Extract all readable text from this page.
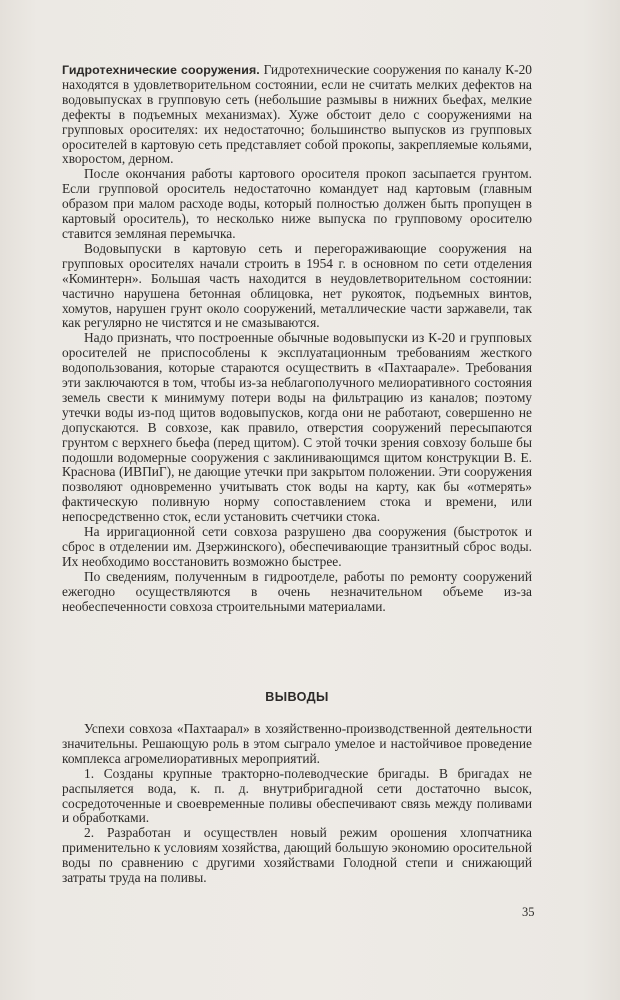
Гидротехнические сооружения. Гидротехнические сооружения по каналу К-20 находятся в удовлетворительном состоянии, если не считать мелких дефектов на водовыпусках в групповую сеть (небольшие размывы в нижних бьефах, мелкие дефекты в подъемных механизмах). Хуже обстоит дело с сооружениями на групповых оросителях: их недостаточно; большинство выпусков из групповых оросителей в картовую сеть представляет собой прокопы, закрепляемые кольями, хворостом, дерном.

После окончания работы картового оросителя прокоп засыпается грунтом. Если групповой ороситель недостаточно командует над картовым (главным образом при малом расходе воды, который полностью должен быть пропущен в картовый ороситель), то несколько ниже выпуска по групповому оросителю ставится земляная перемычка.

Водовыпуски в картовую сеть и перегораживающие сооружения на групповых оросителях начали строить в 1954 г. в основном по сети отделения «Коминтерн». Большая часть находится в неудовлетворительном состоянии: частично нарушена бетонная облицовка, нет рукояток, подъемных винтов, хомутов, нарушен грунт около сооружений, металлические части заржавели, так как регулярно не чистятся и не смазываются.

Надо признать, что построенные обычные водовыпуски из К-20 и групповых оросителей не приспособлены к эксплуатационным требованиям жесткого водопользования, которые стараются осуществить в «Пахтаарале». Требования эти заключаются в том, чтобы из-за неблагополучного мелиоративного состояния земель свести к минимуму потери воды на фильтрацию из каналов; поэтому утечки воды из-под щитов водовыпусков, когда они не работают, совершенно не допускаются. В совхозе, как правило, отверстия сооружений пересыпаются грунтом с верхнего бьефа (перед щитом). С этой точки зрения совхозу больше бы подошли водомерные сооружения с заклинивающимся щитом конструкции В. Е. Краснова (ИВПиГ), не дающие утечки при закрытом положении. Эти сооружения позволяют одновременно учитывать сток воды на карту, как бы «отмерять» фактическую поливную норму сопоставлением стока и времени, или непосредственно сток, если установить счетчики стока.

На ирригационной сети совхоза разрушено два сооружения (быстроток и сброс в отделении им. Дзержинского), обеспечивающие транзитный сброс воды. Их необходимо восстановить возможно быстрее.

По сведениям, полученным в гидроотделе, работы по ремонту сооружений ежегодно осуществляются в очень незначительном объеме из-за необеспеченности совхоза строительными материалами.

ВЫВОДЫ

Успехи совхоза «Пахтаарал» в хозяйственно-производственной деятельности значительны. Решающую роль в этом сыграло умелое и настойчивое проведение комплекса агромелиоративных мероприятий.

1. Созданы крупные тракторно-полеводческие бригады. В бригадах не распыляется вода, к. п. д. внутрибригадной сети достаточно высок, сосредоточенные и своевременные поливы обеспечивают связь между поливами и обработками.

2. Разработан и осуществлен новый режим орошения хлопчатника применительно к условиям хозяйства, дающий большую экономию оросительной воды по сравнению с другими хозяйствами Голодной степи и снижающий затраты труда на поливы.

35
